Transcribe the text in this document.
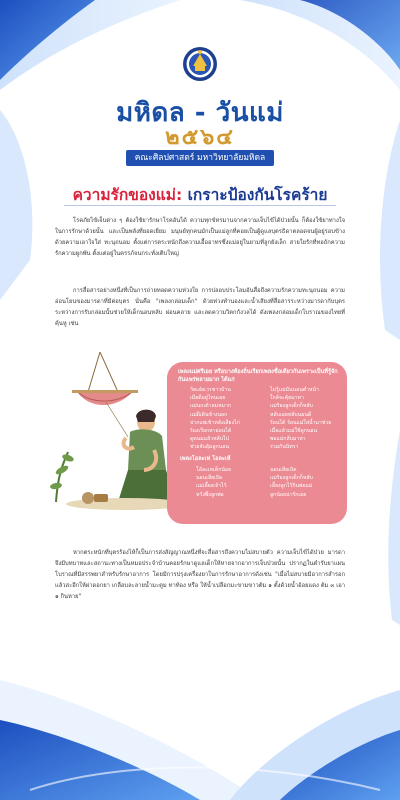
มหิดล - วันแม่
๒๕๖๔
คณะศิลปศาสตร์ มหาวิทยาลัยมหิดล
ความรักของแม่: เกราะป้องกันโรคร้าย

โรคภัยไข้เจ็บต่าง ๆ ต้องใช้ยารักษาโรคอันได้ ความทุกข์ทรมานจากความเจ็บไข้ได้ป่วยนั้น ก็ต้องใช้ยาทางใจในการรักษาด้วยนั้น และเป็นพลังที่ยอดเยี่ยม มนุษย์ทุกคนมักเป็นแม่ลูกที่คอยเป็นผู้ดูแลบุตรธิดาตลอดจนผู้อยู่รอบข้างด้วยความเอาใจใส่ ทะนุถนอม ตั้งแต่การตระหนักถึงความเอื้ออาทรซึ่งแม่อยู่ในยามที่ลูกยังเล็ก สายใยรักที่ทอถักความรักความผูกพัน ตั้งแต่อยู่ในครรภ์จนกระทั่งเติบใหญ่

การสื่อสารอย่างหนึ่งที่เป็นการถ่ายทอดความห่วงใย การปลอบประโลมอันสื่อถึงความรักความทะนุถนอม ความอ่อนโยนของมารดาที่มีต่อบุตร นั่นคือ "เพลงกล่อมเด็ก" ด้วยท่วงทำนองและน้ำเสียงที่สื่อสารระหว่างมารดากับบุตรระหว่างการรับกล่อมนั้นช่วยให้เด็กนอนหลับ ผ่อนคลาย และลดความวิตกกังวลได้ ดังเพลงกล่อมเด็กโบราณของไทยที่คุ้นหู เช่น

เพลงแม่ศรีเอย หรือบางท้องถิ่นเรียกเพลงชื่อเดียวกันเพราะเป็นที่รู้จักกันแพร่หลายมาก ได้แก่
วัดเอ๋ยเวรชาวบ้าน
เมียดีอยู่ไหนเอย
แม่นกเด้าลมหมาก
แม่ผีเดินข้างนอก
ปากแพเข้าหลังเสียงไก่
ร้องเรียกหาอ่อนได้
ดูดนมแล้วหลับไป
ช่วยจับอุ้มลูกนอน
ไม่รู้แม่มันนอนตำหน้า
ใกล้จะคุ้ยมาหา
แม่ร้องลูกเด็กก็หลับ
หลับเอยหลับนอนดี
ร้อนได้ ร้อนแม่ใส่น้ำมาช่วย
เมื่อแล้วแม่ใช้ลูกนอน
พอแม่กลับมาหา
ร่วมกันนิทรา
เพลงโอละเห่ โอละเห้
โอ้ละเหเด็กน้อย
นอนเสียเถิด
แม่เลี้ยงเจ้าไว้
หวังพึ่งลูกพ่อ
นอนเสียเถิด
แม่ร้องลูกเด็กก็หลับ
เลี้ยงลูกไว้กินพ่อแม่
ลูกน้อยน่ารักเอย

หากตระหนักที่บุตรร้องไห้ก็เป็นการส่งสัญญาณหนึ่งที่จะสื่อสารถึงความไม่สบายตัว ความเจ็บไข้ได้ป่วย มารดาจึงมีบทบาทและสถานะทางเป็นหมอประจำบ้านคอยรักษาดูแลเด็กให้หายจากอาการเจ็บป่วยนั้น ปรากฏในตำรับยาแผนโบราณที่มีสรรพยาสำหรับรักษาอาการ โดยมีการปรุงเครื่องยาในการรักษาอาการดังเช่น "เมื่อไม่สบายมีอาการสำรอกแล้วสะอึกให้ผ่าดอกยา เกลือบละลายน้ำมะตูม ทาท้อง หรือ ให้น้ำเปลือกมะขามขาวต้ม ๑ ตั้งด้วยน้ำอ้อยแดง ต้ม ๓ เอา ๑ กินหาย"
